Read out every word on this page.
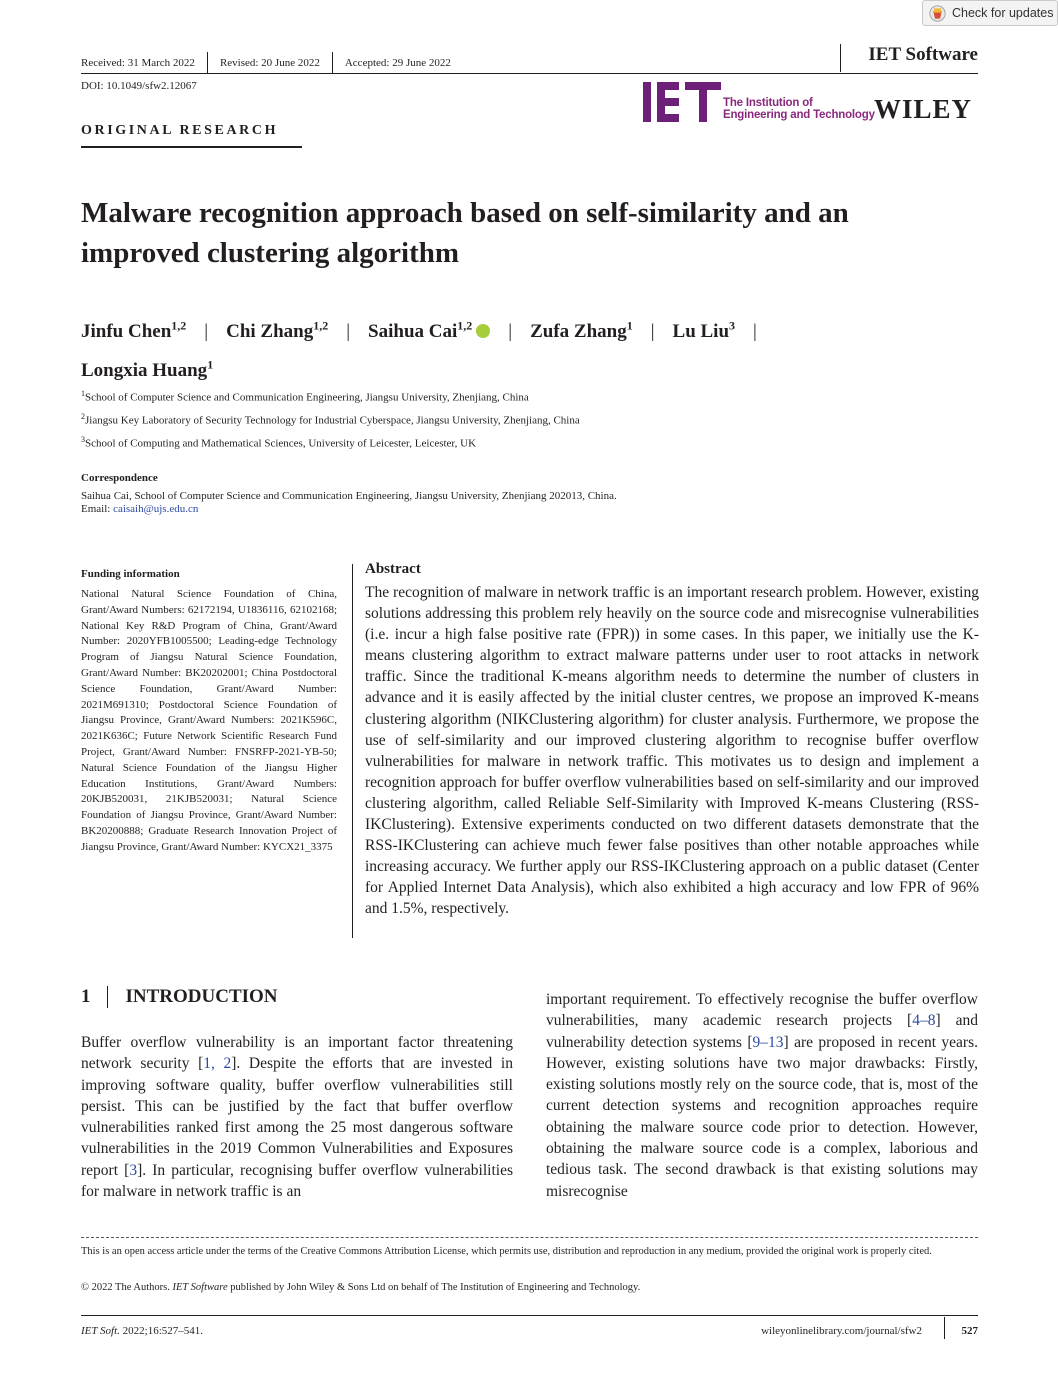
Check for updates
Received: 31 March 2022 Revised: 20 June 2022 Accepted: 29 June 2022	IET Software
DOI: 10.1049/sfw2.12067
The Institution of
Engineering and Technology WILEY
ORIGINAL RESEARCH
Malware recognition approach based on self-similarity and an improved clustering algorithm
Jinfu Chen$^{1,2}$ | Chi Zhang$^{1,2}$ | Saihua Cai$^{1,2}$ | Zufa Zhang$^1$ | Lu Liu$^3$ |
Longxia Huang$^1$
$^1$School of Computer Science and Communication Engineering, Jiangsu University, Zhenjiang, China
$^2$Jiangsu Key Laboratory of Security Technology for Industrial Cyberspace, Jiangsu University, Zhenjiang, China
$^3$School of Computing and Mathematical Sciences, University of Leicester, Leicester, UK
Correspondence
Saihua Cai, School of Computer Science and Communication Engineering, Jiangsu University, Zhenjiang 202013, China.
Email: caisaih@ujs.edu.cn
Funding information
National Natural Science Foundation of China, Grant/Award Numbers: 62172194, U1836116, 62102168; National Key R&D Program of China, Grant/Award Number: 2020YFB1005500; Leading-edge Technology Program of Jiangsu Natural Science Foundation, Grant/Award Number: BK20202001; China Postdoctoral Science Foundation, Grant/Award Number: 2021M691310; Postdoctoral Science Foundation of Jiangsu Province, Grant/Award Numbers: 2021K596C, 2021K636C; Future Network Scientific Research Fund Project, Grant/Award Number: FNSRFP-2021-YB-50; Natural Science Foundation of the Jiangsu Higher Education Institutions, Grant/Award Numbers: 20KJB520031, 21KJB520031; Natural Science Foundation of Jiangsu Province, Grant/Award Number: BK20200888; Graduate Research Innovation Project of Jiangsu Province, Grant/Award Number: KYCX21_3375
Abstract
The recognition of malware in network traffic is an important research problem. However, existing solutions addressing this problem rely heavily on the source code and misrecognise vulnerabilities (i.e. incur a high false positive rate (FPR)) in some cases. In this paper, we initially use the K-means clustering algorithm to extract malware patterns under user to root attacks in network traffic. Since the traditional K-means algorithm needs to determine the number of clusters in advance and it is easily affected by the initial cluster centres, we propose an improved K-means clustering algorithm (NIKClustering algorithm) for cluster analysis. Furthermore, we propose the use of self-similarity and our improved clustering algorithm to recognise buffer overflow vulnerabilities for malware in network traffic. This motivates us to design and implement a recognition approach for buffer overflow vulnerabilities based on self-similarity and our improved clustering algorithm, called Reliable Self-Similarity with Improved K-means Clustering (RSS-IKClustering). Extensive experiments conducted on two different datasets demonstrate that the RSS-IKClustering can achieve much fewer false positives than other notable approaches while increasing accuracy. We further apply our RSS-IKClustering approach on a public dataset (Center for Applied Internet Data Analysis), which also exhibited a high accuracy and low FPR of 96% and 1.5%, respectively.
1 INTRODUCTION
Buffer overflow vulnerability is an important factor threatening network security [1, 2]. Despite the efforts that are invested in improving software quality, buffer overflow vulnerabilities still persist. This can be justified by the fact that buffer overflow vulnerabilities ranked first among the 25 most dangerous software vulnerabilities in the 2019 Common Vulnerabilities and Exposures report [3]. In particular, recognising buffer overflow vulnerabilities for malware in network traffic is an
important requirement. To effectively recognise the buffer overflow vulnerabilities, many academic research projects [4–8] and vulnerability detection systems [9–13] are proposed in recent years. However, existing solutions have two major drawbacks: Firstly, existing solutions mostly rely on the source code, that is, most of the current detection systems and recognition approaches require obtaining the malware source code prior to detection. However, obtaining the malware source code is a complex, laborious and tedious task. The second drawback is that existing solutions may misrecognise
This is an open access article under the terms of the Creative Commons Attribution License, which permits use, distribution and reproduction in any medium, provided the original work is properly cited.
© 2022 The Authors. IET Software published by John Wiley & Sons Ltd on behalf of The Institution of Engineering and Technology.
IET Soft. 2022;16:527–541.	wileyonlinelibrary.com/journal/sfw2	527
